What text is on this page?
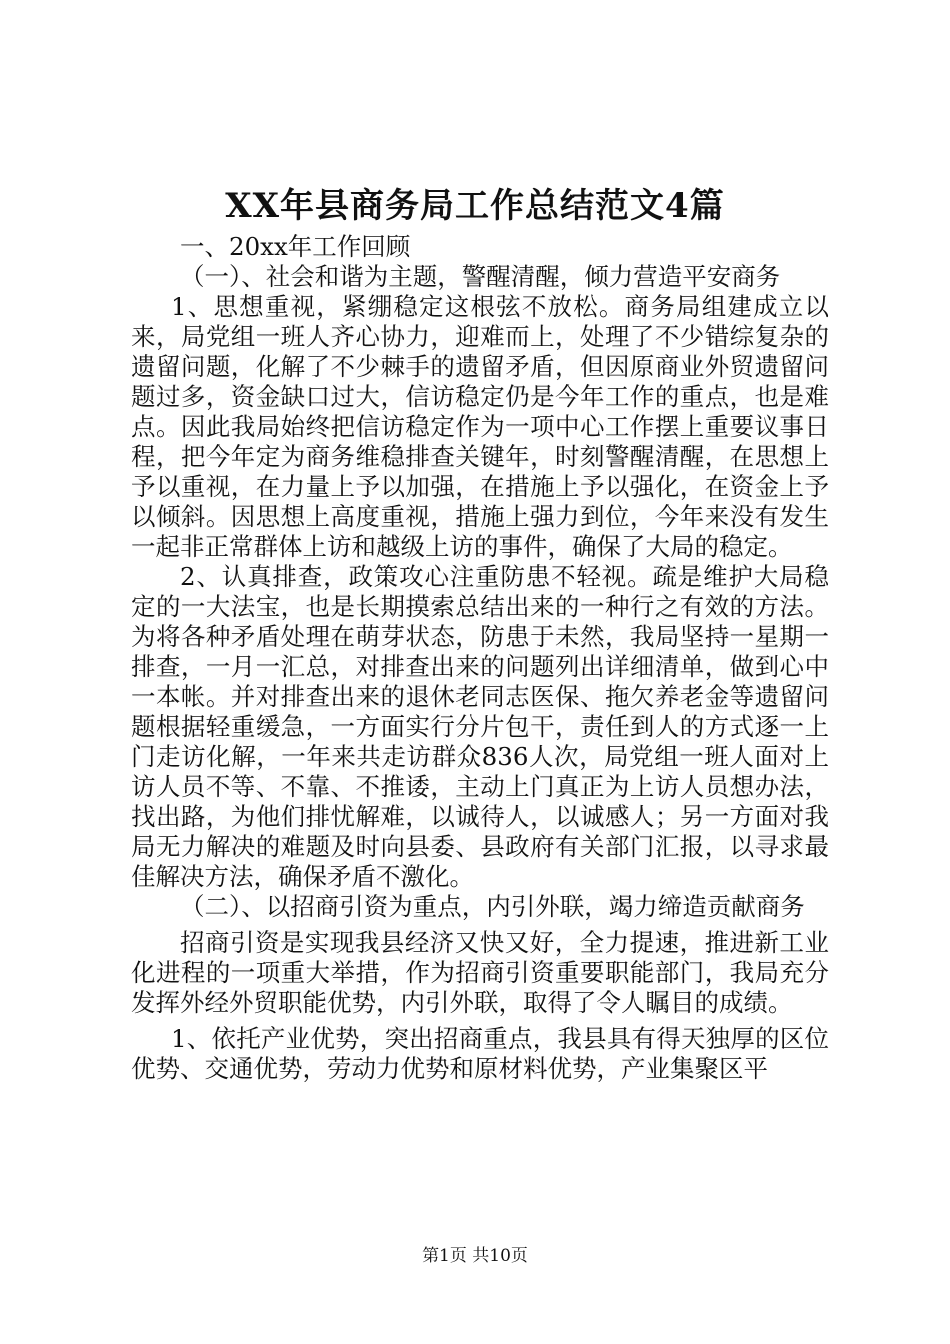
XX年县商务局工作总结范文4篇

一、20xx年工作回顾

（一）、社会和谐为主题，警醒清醒，倾力营造平安商务

1、思想重视，紧绷稳定这根弦不放松。商务局组建成立以来，局党组一班人齐心协力，迎难而上，处理了不少错综复杂的遗留问题，化解了不少棘手的遗留矛盾，但因原商业外贸遗留问题过多，资金缺口过大，信访稳定仍是今年工作的重点，也是难点。因此我局始终把信访稳定作为一项中心工作摆上重要议事日程，把今年定为商务维稳排查关键年，时刻警醒清醒，在思想上予以重视，在力量上予以加强，在措施上予以强化，在资金上予以倾斜。因思想上高度重视，措施上强力到位，今年来没有发生一起非正常群体上访和越级上访的事件，确保了大局的稳定。

2、认真排查，政策攻心注重防患不轻视。疏是维护大局稳定的一大法宝，也是长期摸索总结出来的一种行之有效的方法。为将各种矛盾处理在萌芽状态，防患于未然，我局坚持一星期一排查，一月一汇总，对排查出来的问题列出详细清单，做到心中一本帐。并对排查出来的退休老同志医保、拖欠养老金等遗留问题根据轻重缓急，一方面实行分片包干，责任到人的方式逐一上门走访化解，一年来共走访群众836人次，局党组一班人面对上访人员不等、不靠、不推诿，主动上门真正为上访人员想办法，找出路，为他们排忧解难，以诚待人，以诚感人；另一方面对我局无力解决的难题及时向县委、县政府有关部门汇报，以寻求最佳解决方法，确保矛盾不激化。

（二）、以招商引资为重点，内引外联，竭力缔造贡献商务

招商引资是实现我县经济又快又好，全力提速，推进新工业化进程的一项重大举措，作为招商引资重要职能部门，我局充分发挥外经外贸职能优势，内引外联，取得了令人瞩目的成绩。

1、依托产业优势，突出招商重点，我县具有得天独厚的区位优势、交通优势，劳动力优势和原材料优势，产业集聚区平

第1页 共10页
